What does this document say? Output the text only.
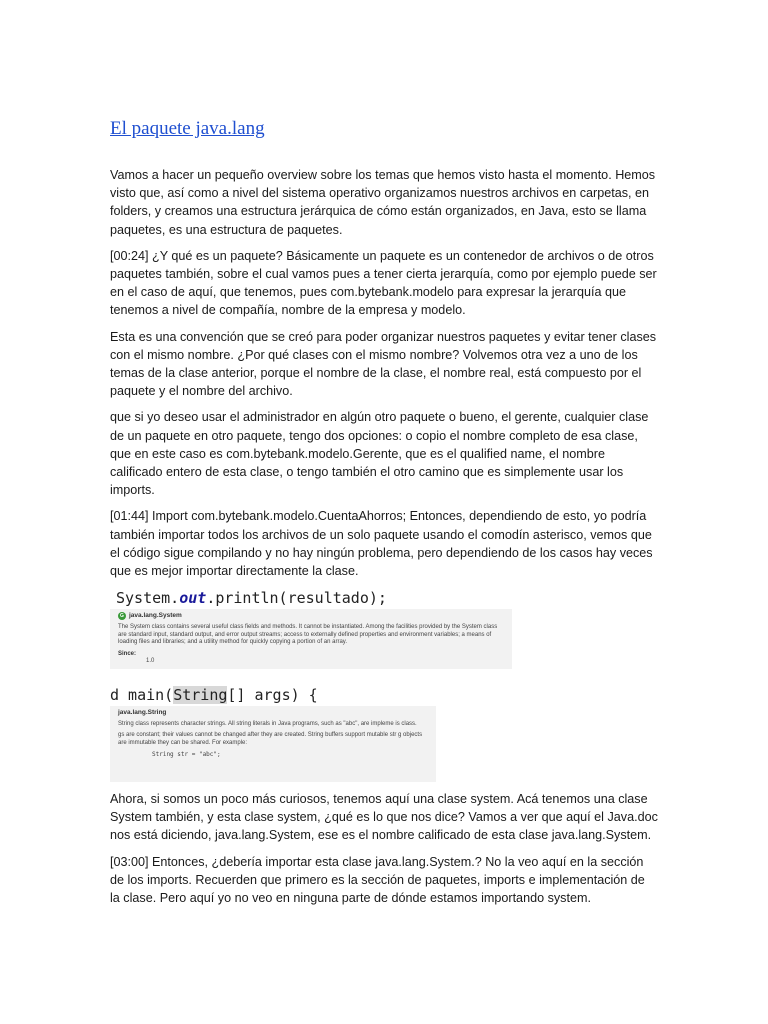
El paquete java.lang

Vamos a hacer un pequeño overview sobre los temas que hemos visto hasta el momento. Hemos visto que, así como a nivel del sistema operativo organizamos nuestros archivos en carpetas, en folders, y creamos una estructura jerárquica de cómo están organizados, en Java, esto se llama paquetes, es una estructura de paquetes.

[00:24] ¿Y qué es un paquete? Básicamente un paquete es un contenedor de archivos o de otros paquetes también, sobre el cual vamos pues a tener cierta jerarquía, como por ejemplo puede ser en el caso de aquí, que tenemos, pues com.bytebank.modelo para expresar la jerarquía que tenemos a nivel de compañía, nombre de la empresa y modelo.

Esta es una convención que se creó para poder organizar nuestros paquetes y evitar tener clases con el mismo nombre. ¿Por qué clases con el mismo nombre? Volvemos otra vez a uno de los temas de la clase anterior, porque el nombre de la clase, el nombre real, está compuesto por el paquete y el nombre del archivo.

que si yo deseo usar el administrador en algún otro paquete o bueno, el gerente, cualquier clase de un paquete en otro paquete, tengo dos opciones: o copio el nombre completo de esa clase, que en este caso es com.bytebank.modelo.Gerente, que es el qualified name, el nombre calificado entero de esta clase, o tengo también el otro camino que es simplemente usar los imports.

[01:44] Import com.bytebank.modelo.CuentaAhorros; Entonces, dependiendo de esto, yo podría también importar todos los archivos de un solo paquete usando el comodín asterisco, vemos que el código sigue compilando y no hay ningún problema, pero dependiendo de los casos hay veces que es mejor importar directamente la clase.

System.out.println(resultado);
G java.lang.System

The System class contains several useful class fields and methods. It cannot be instantiated. Among the facilities provided by the System class are standard input, standard output, and error output streams; access to externally defined properties and environment variables; a means of loading files and libraries; and a utility method for quickly copying a portion of an array.

Since:
1.0
d main(String[] args) {
java.lang.String

String class represents character strings. All string literals in Java programs, such as "abc", are impleme is class.

gs are constant; their values cannot be changed after they are created. String buffers support mutable str g objects are immutable they can be shared. For example:

String str = "abc";

Ahora, si somos un poco más curiosos, tenemos aquí una clase system. Acá tenemos una clase System también, y esta clase system, ¿qué es lo que nos dice? Vamos a ver que aquí el Java.doc nos está diciendo, java.lang.System, ese es el nombre calificado de esta clase java.lang.System.

[03:00] Entonces, ¿debería importar esta clase java.lang.System.? No la veo aquí en la sección de los imports. Recuerden que primero es la sección de paquetes, imports e implementación de la clase. Pero aquí yo no veo en ninguna parte de dónde estamos importando system.
